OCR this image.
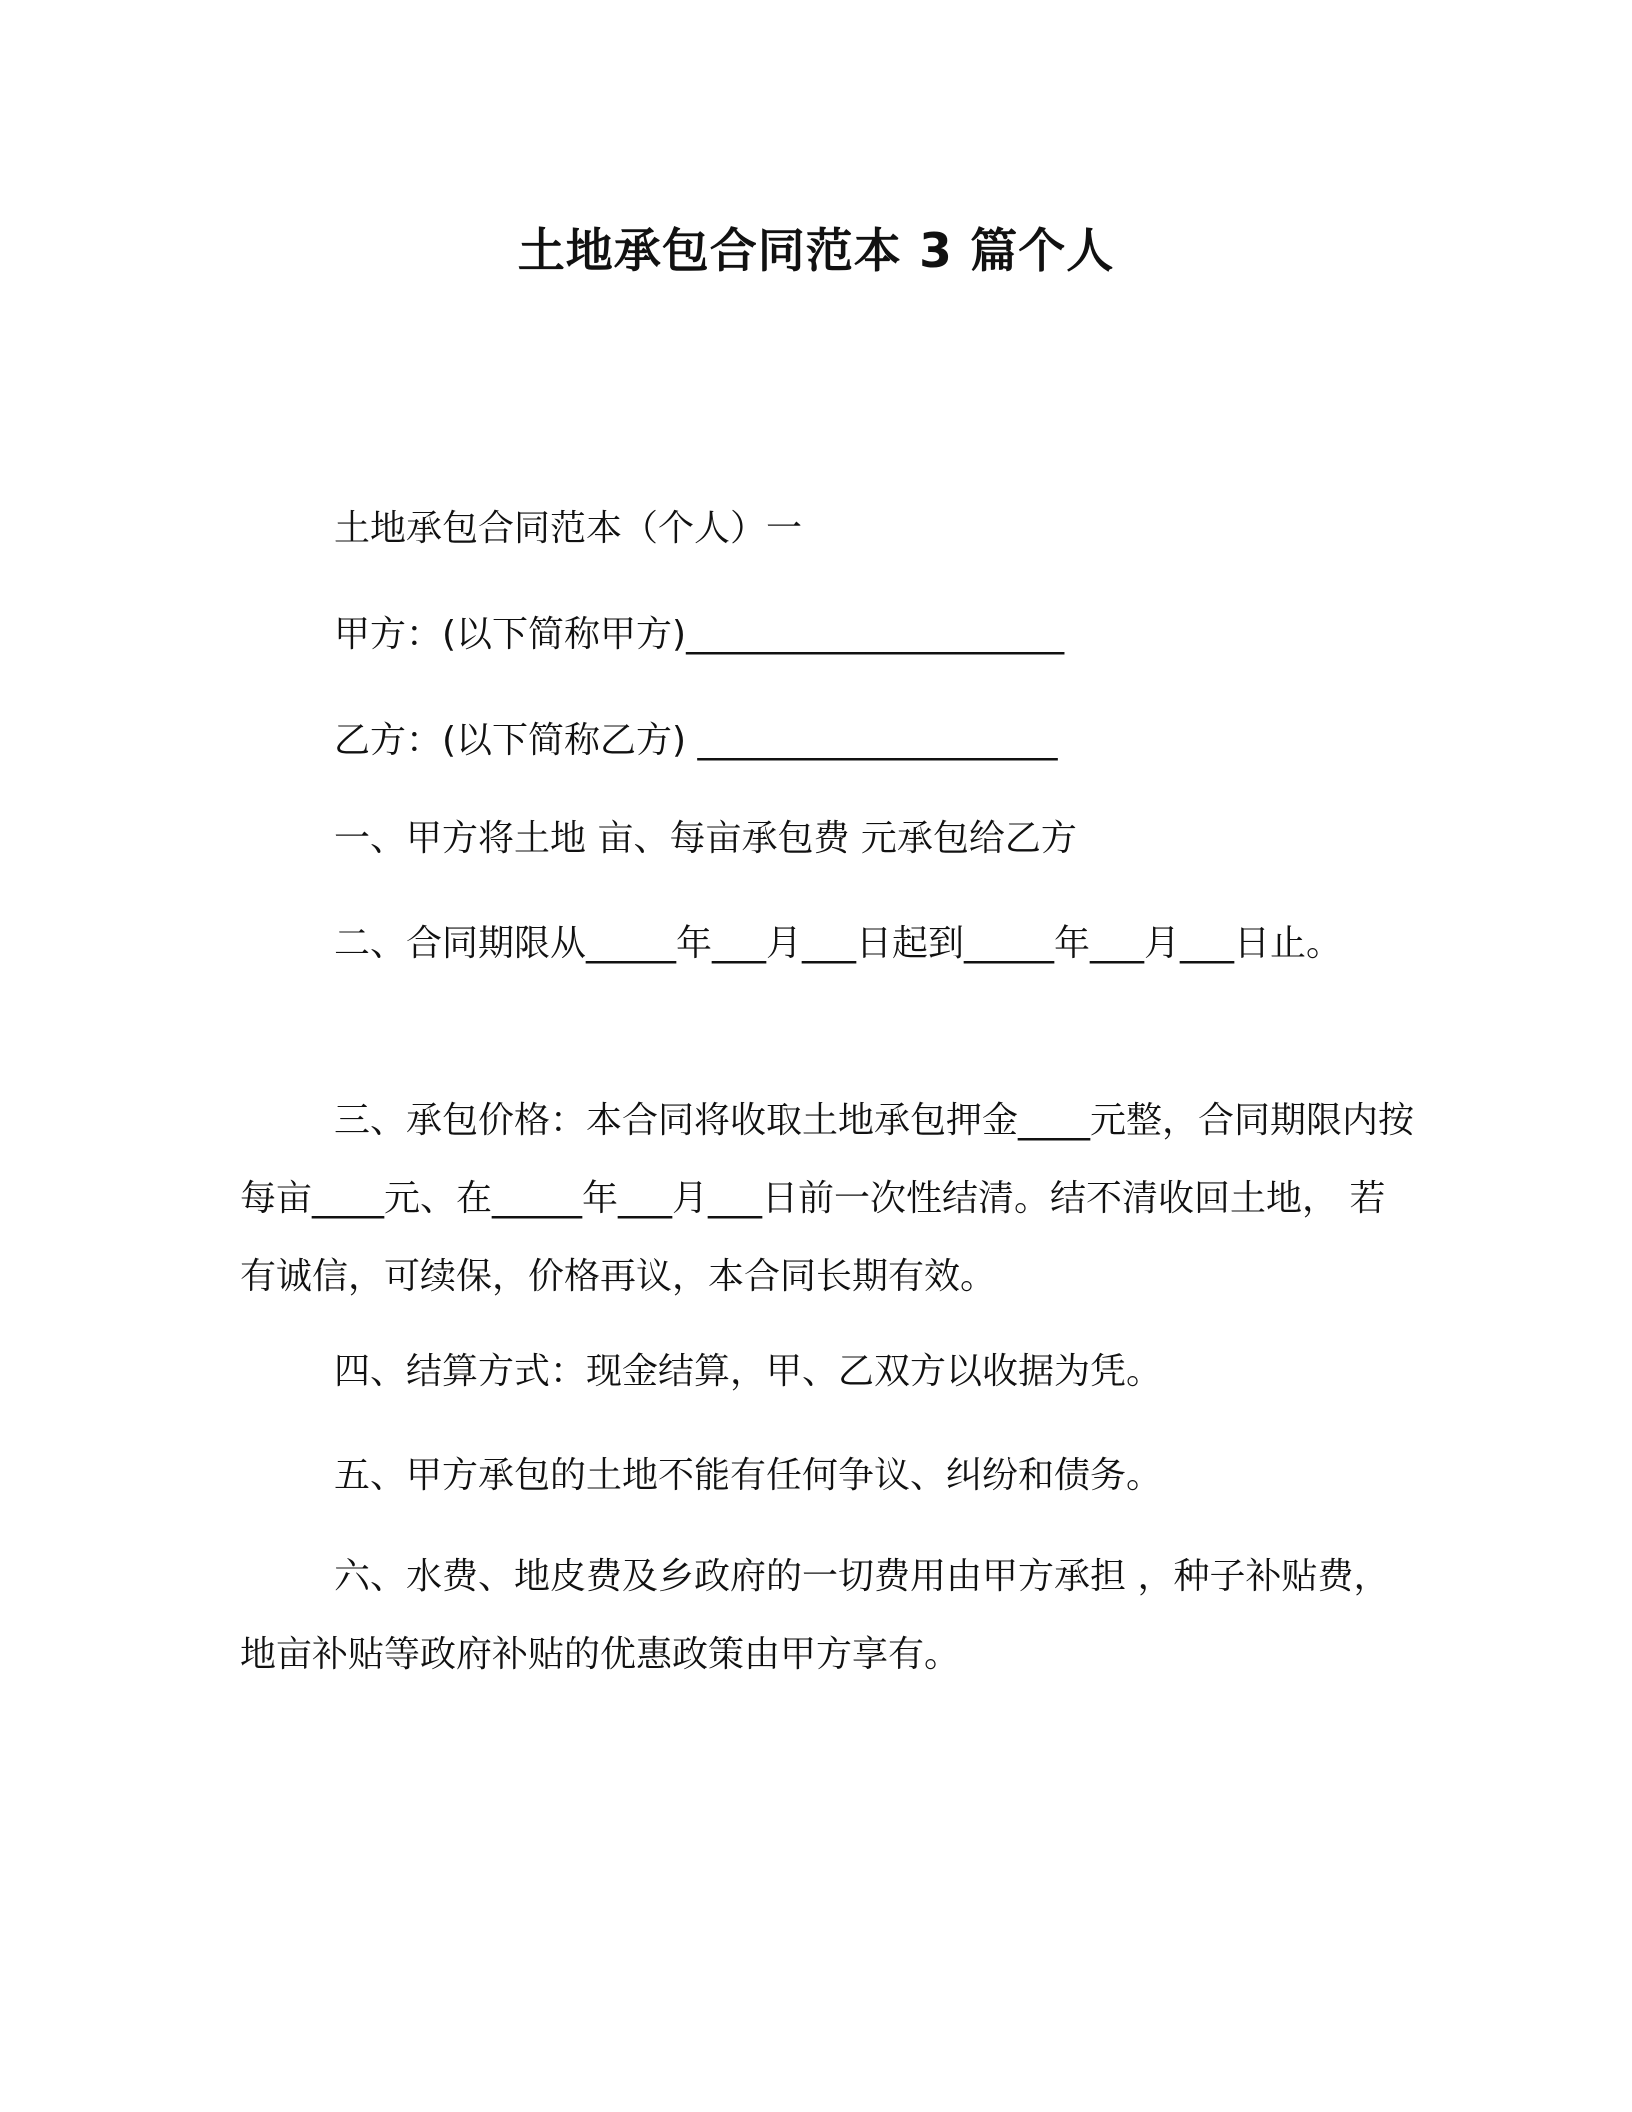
土地承包合同范本 3 篇个人

土地承包合同范本（个人）一

甲方：(以下简称甲方)_____________________

乙方：(以下简称乙方) ____________________

一、甲方将土地 亩、每亩承包费 元承包给乙方

二、合同期限从_____年___月___日起到_____年___月___日止。

三、承包价格：本合同将收取土地承包押金____元整，合同期限内按每亩____元、在_____年___月___日前一次性结清。结不清收回土地， 若有诚信，可续保，价格再议，本合同长期有效。

四、结算方式：现金结算，甲、乙双方以收据为凭。

五、甲方承包的土地不能有任何争议、纠纷和债务。

六、水费、地皮费及乡政府的一切费用由甲方承担 ，种子补贴费，地亩补贴等政府补贴的优惠政策由甲方享有。
